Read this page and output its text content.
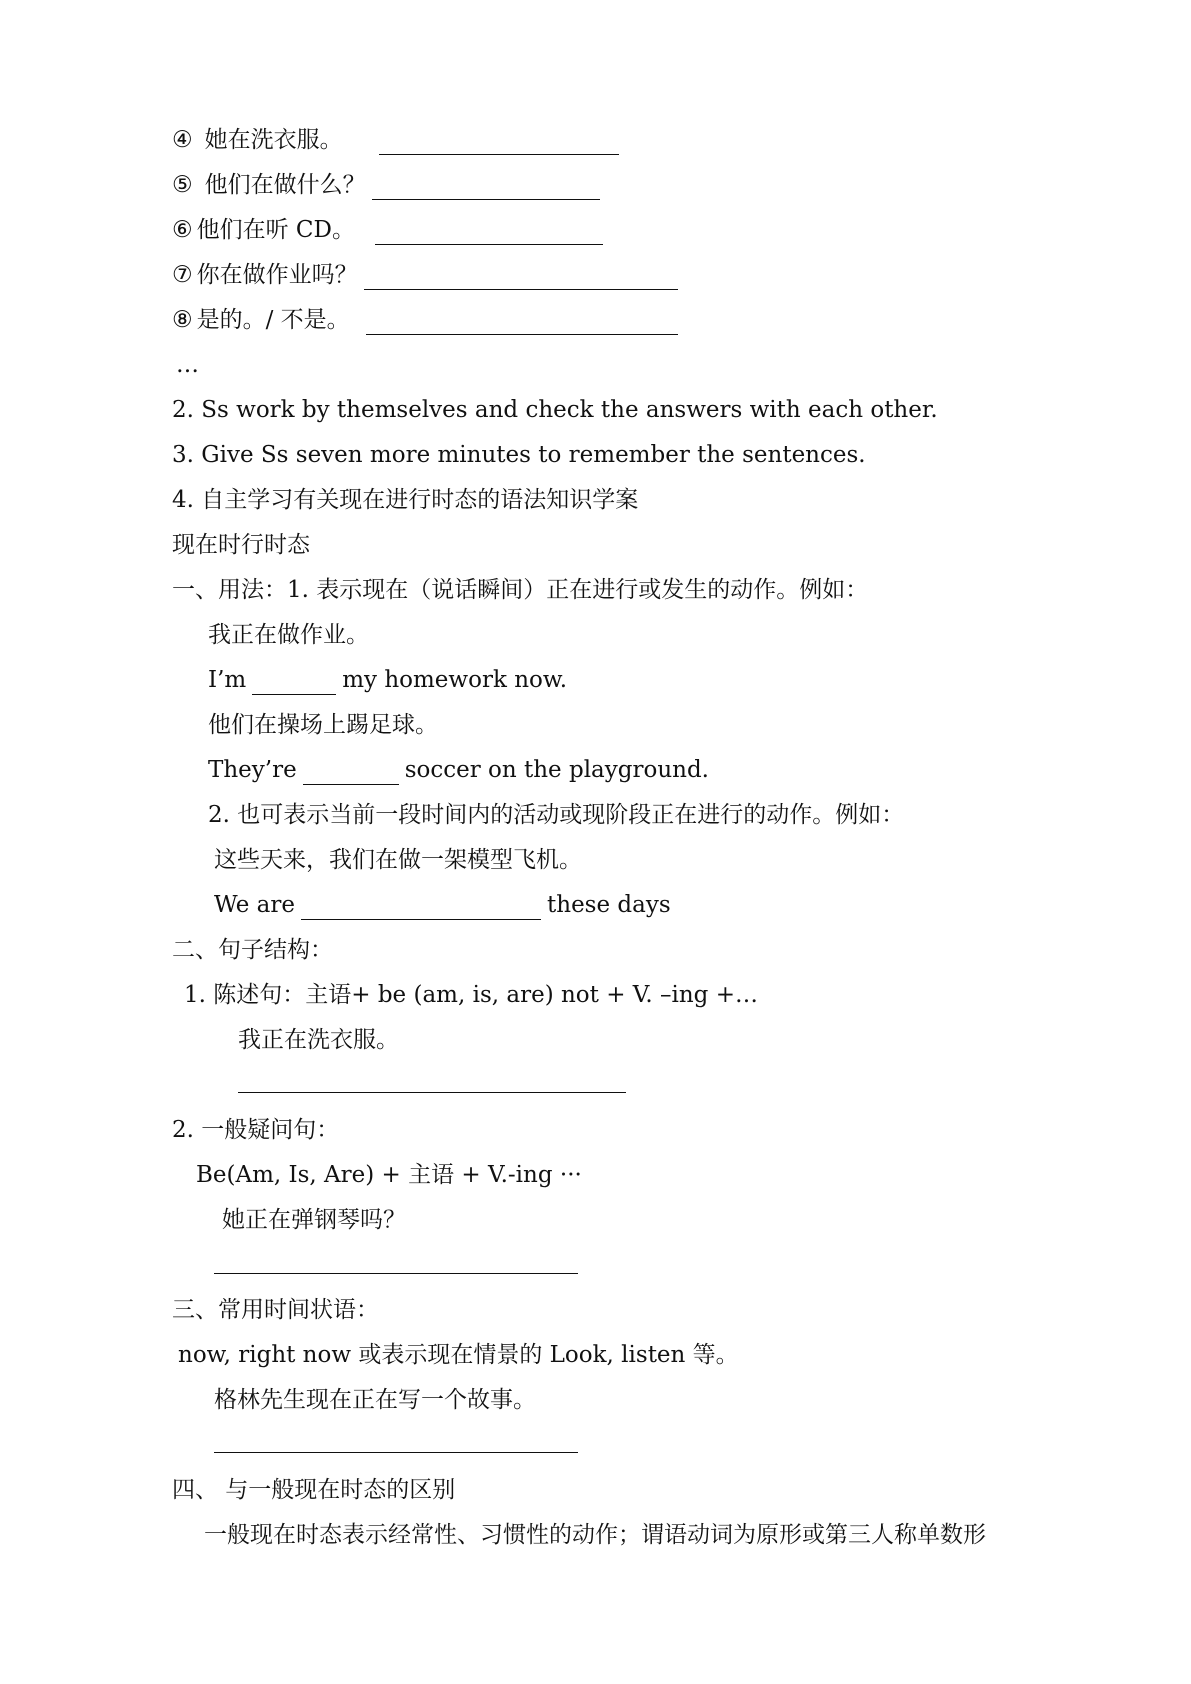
④ 她在洗衣服。
⑤ 他们在做什么？
⑥ 他们在听 CD。
⑦ 你在做作业吗？
⑧ 是的。/ 不是。
…
2. Ss work by themselves and check the answers with each other.
3. Give Ss seven more minutes to remember the sentences.
4. 自主学习有关现在进行时态的语法知识学案
现在时行时态
一、用法：1. 表示现在（说话瞬间）正在进行或发生的动作。例如：
我正在做作业。
I’m	my homework now.
他们在操场上踢足球。
They’re	soccer on the playground.
2. 也可表示当前一段时间内的活动或现阶段正在进行的动作。例如：
这些天来，我们在做一架模型飞机。
We are	these days
二、句子结构：
1. 陈述句：主语+ be (am, is, are) not + V. –ing +…
我正在洗衣服。
2. 一般疑问句：
Be(Am, Is, Are) + 主语 + V.-ing ···
她正在弹钢琴吗？
三、常用时间状语：
now, right now 或表示现在情景的 Look, listen 等。
格林先生现在正在写一个故事。
四、 与一般现在时态的区别
一般现在时态表示经常性、习惯性的动作；谓语动词为原形或第三人称单数形
